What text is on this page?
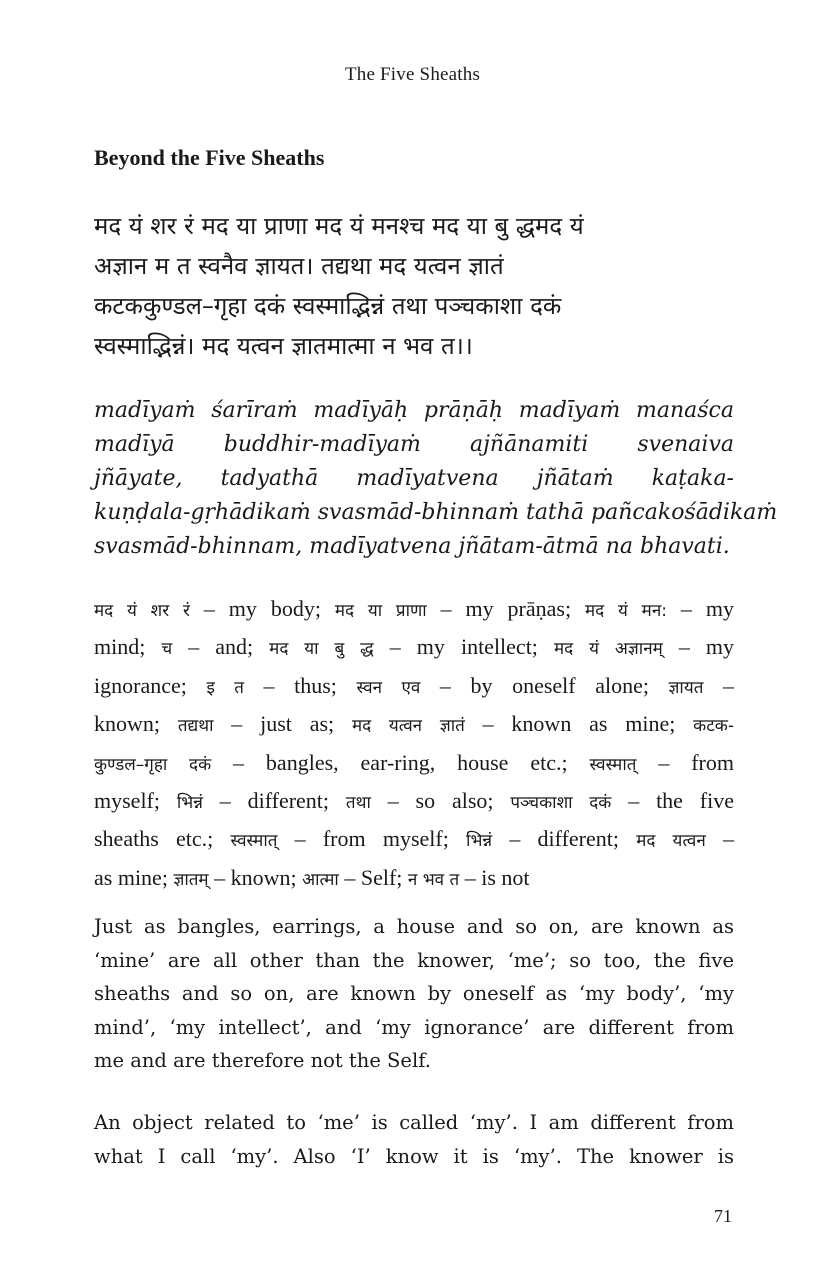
The Five Sheaths
Beyond the Five Sheaths
मद यं शर रं मद या प्राणा मद यं मनश्च मद या बु द्धमद यं
अज्ञान म त स्वनैव ज्ञायत। तद्यथा मद यत्वन ज्ञातं
कटककुण्डल–गृहा दकं स्वस्माद्भिन्नं तथा पञ्चकाशा दकं
स्वस्माद्भिन्नं। मद यत्वन ज्ञातमात्मा न भव त।।
madīyaṁ śarīraṁ madīyāḥ prāṇāḥ madīyaṁ manaśca
madīyā buddhir-madīyaṁ ajñānamiti svenaiva
jñāyate, tadyathā madīyatvena jñātaṁ kaṭaka-
kuṇḍala-gṛhādikaṁ svasmād-bhinnaṁ tathā pañcakośādikaṁ
svasmād-bhinnam, madīyatvena jñātam-ātmā na bhavati.
मद यं शर रं – my body; मद या प्राणा – my prāṇas; मद यं मन: – my
mind; च – and; मद या बु द्ध – my intellect; मद यं अज्ञानम् – my
ignorance; इ त – thus; स्वन एव – by oneself alone; ज्ञायत –
known; तद्यथा – just as; मद यत्वन ज्ञातं – known as mine; कटक-
कुण्डल–गृहा दकं – bangles, ear-ring, house etc.; स्वस्मात् – from
myself; भिन्नं – different; तथा – so also; पञ्चकाशा दकं – the five
sheaths etc.; स्वस्मात् – from myself; भिन्नं – different; मद यत्वन –
as mine; ज्ञातम् – known; आत्मा – Self; न भव त – is not
Just as bangles, earrings, a house and so on, are known as
‘mine’ are all other than the knower, ‘me’; so too, the five
sheaths and so on, are known by oneself as ‘my body’, ‘my
mind’, ‘my intellect’, and ‘my ignorance’ are different from
me and are therefore not the Self.
An object related to ‘me’ is called ‘my’. I am different from
what I call ‘my’. Also ‘I’ know it is ‘my’. The knower is
71
